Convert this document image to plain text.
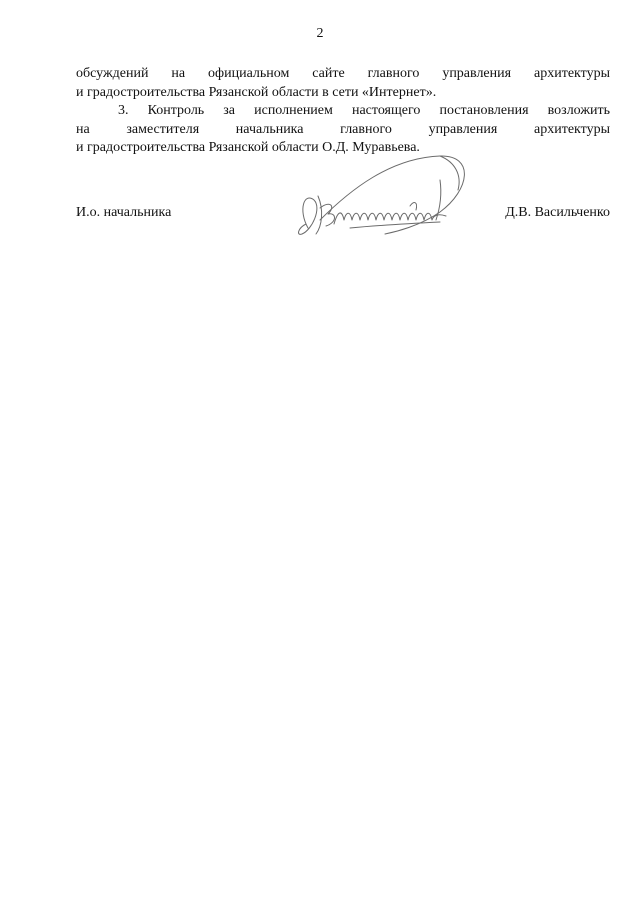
2

обсуждений на официальном сайте главного управления архитектуры
и градостроительства Рязанской области в сети «Интернет».

3. Контроль за исполнением настоящего постановления возложить
на заместителя начальника главного управления архитектуры
и градостроительства Рязанской области О.Д. Муравьева.

И.о. начальника	Д.В. Васильченко
